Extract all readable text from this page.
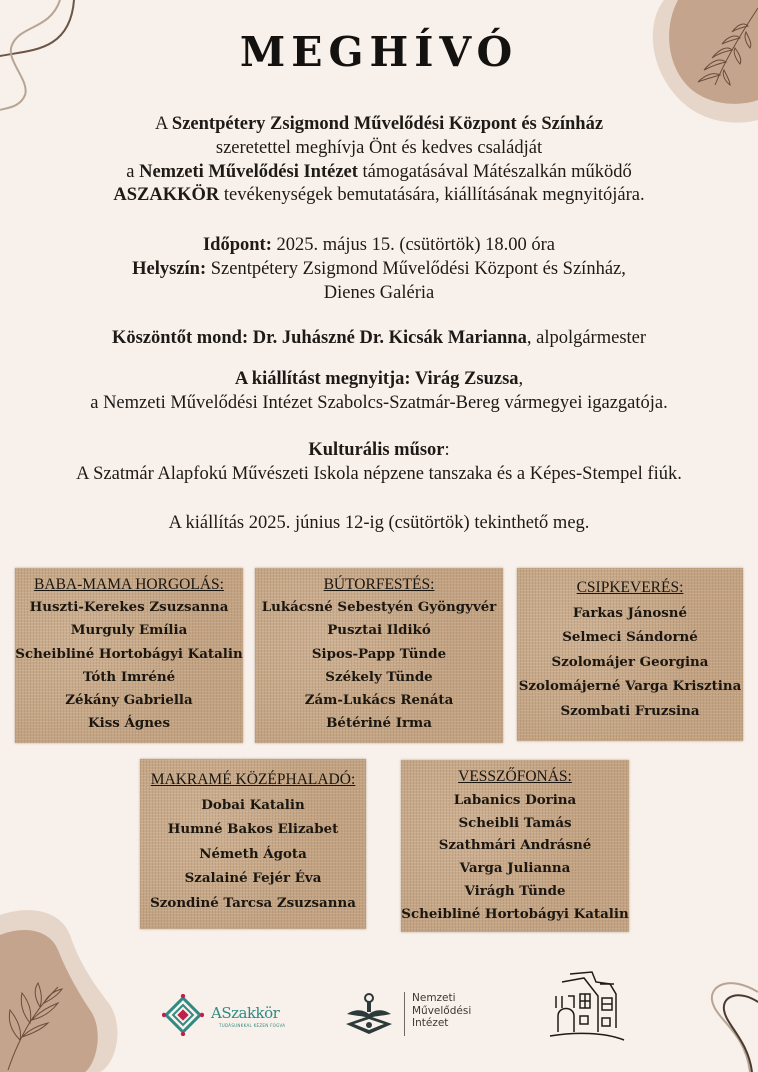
MEGHÍVÓ
A Szentpétery Zsigmond Művelődési Központ és Színház
szeretettel meghívja Önt és kedves családját
a Nemzeti Művelődési Intézet támogatásával Mátészalkán működő
ASZAKKÖR tevékenységek bemutatására, kiállításának megnyitójára.
Időpont: 2025. május 15. (csütörtök) 18.00 óra
Helyszín: Szentpétery Zsigmond Művelődési Központ és Színház,
Dienes Galéria
Köszöntőt mond: Dr. Juhászné Dr. Kicsák Marianna, alpolgármester
A kiállítást megnyitja: Virág Zsuzsa,
a Nemzeti Művelődési Intézet Szabolcs-Szatmár-Bereg vármegyei igazgatója.
Kulturális műsor:
A Szatmár Alapfokú Művészeti Iskola népzene tanszaka és a Képes-Stempel fiúk.
A kiállítás 2025. június 12-ig (csütörtök) tekinthető meg.
BABA-MAMA HORGOLÁS:
Huszti-Kerekes Zsuzsanna
Murguly Emília
Scheibliné Hortobágyi Katalin
Tóth Imréné
Zékány Gabriella
Kiss Ágnes
BÚTORFESTÉS:
Lukácsné Sebestyén Gyöngyvér
Pusztai Ildikó
Sipos-Papp Tünde
Székely Tünde
Zám-Lukács Renáta
Bétériné Irma
CSIPKEVERÉS:
Farkas Jánosné
Selmeci Sándorné
Szolomájer Georgina
Szolomájerné Varga Krisztina
Szombati Fruzsina
MAKRAMÉ KÖZÉPHALADÓ:
Dobai Katalin
Humné Bakos Elizabet
Németh Ágota
Szalainé Fejér Éva
Szondiné Tarcsa Zsuzsanna
VESSZŐFONÁS:
Labanics Dorina
Scheibli Tamás
Szathmári Andrásné
Varga Julianna
Virágh Tünde
Scheibliné Hortobágyi Katalin
ASzakkör
TUDÁSUNKKAL KÉZEN FOGVA
Nemzeti
Művelődési
Intézet
